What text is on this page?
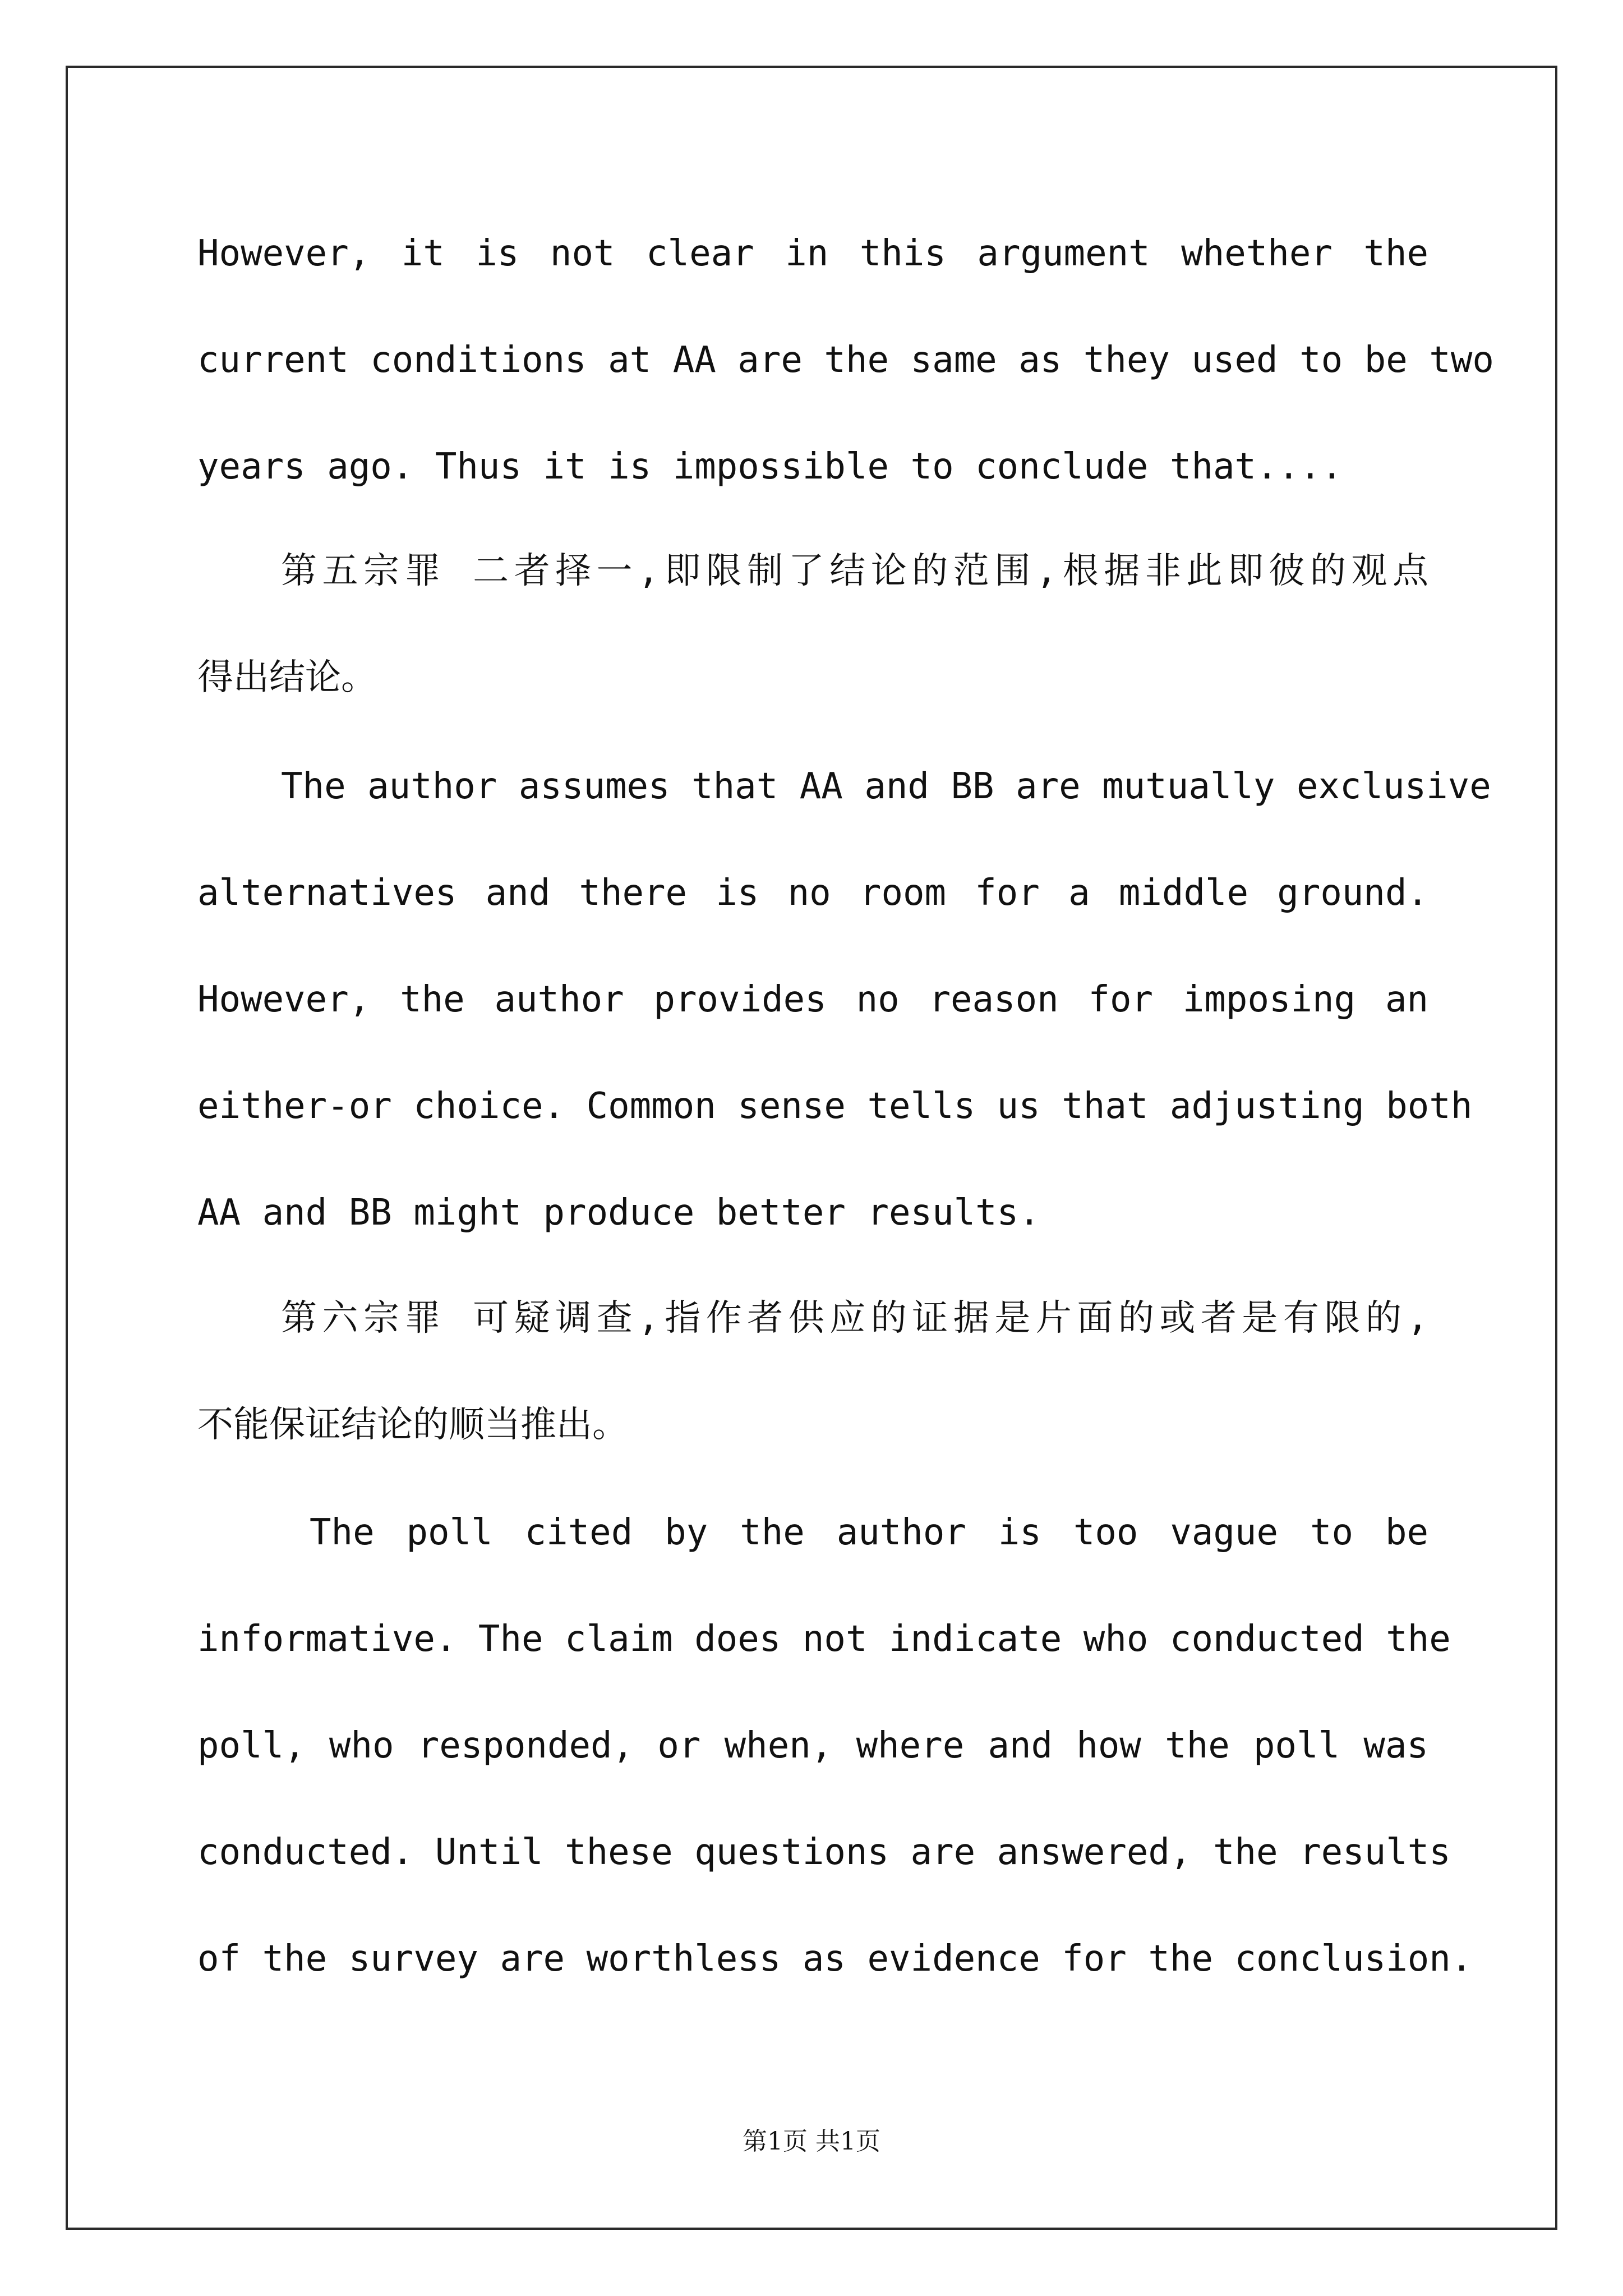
However, it is not clear in this argument whether the
current conditions at AA are the same as they used to be two
years ago. Thus it is impossible to conclude that....
第五宗罪 二者择一,即限制了结论的范围,根据非此即彼的观点
得出结论。
The author assumes that AA and BB are mutually exclusive
alternatives and there is no room for a middle ground.
However, the author provides no reason for imposing an
either-or choice. Common sense tells us that adjusting both
AA and BB might produce better results.
第六宗罪 可疑调查,指作者供应的证据是片面的或者是有限的,
不能保证结论的顺当推出。
The poll cited by the author is too vague to be
informative. The claim does not indicate who conducted the
poll, who responded, or when, where and how the poll was
conducted. Until these questions are answered, the results
of the survey are worthless as evidence for the conclusion.
第1页 共1页
